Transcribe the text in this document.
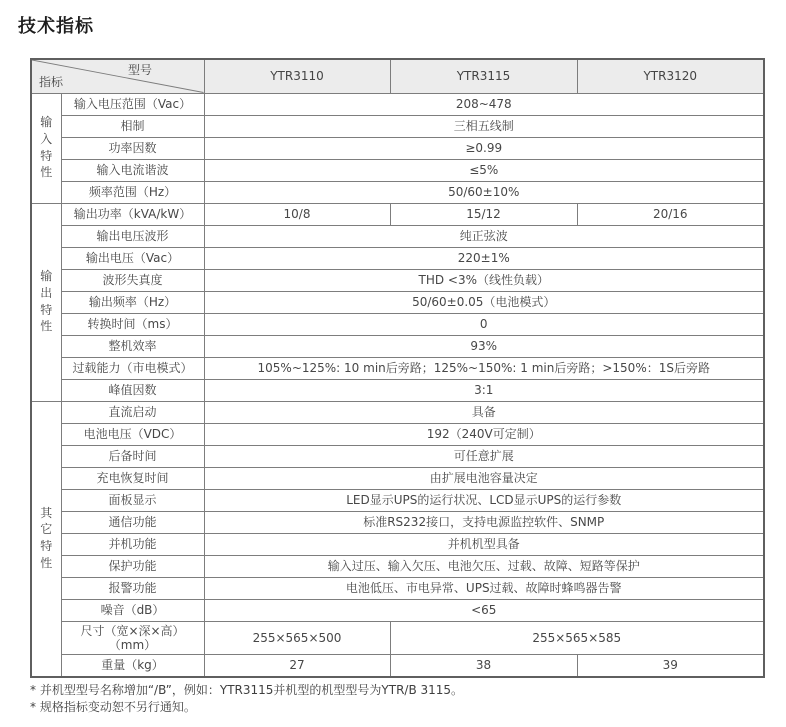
技术指标
型号
指标		YTR3110	YTR3115	YTR3120

输
入
特
性	输入电压范围（Vac）	208~478		
	相制	三相五线制		
	功率因数	≥0.99		
	输入电流谐波	≤5%		
	频率范围（Hz）	50/60±10%		

输
出
特
性	输出功率（kVA/kW）	10/8	15/12	20/16
	输出电压波形	纯正弦波		
	输出电压（Vac）	220±1%		
	波形失真度	THD <3%（线性负载）		
	输出频率（Hz）	50/60±0.05（电池模式）		
	转换时间（ms）	0		
	整机效率	93%		
	过载能力（市电模式）	105%~125%: 10 min后旁路；125%~150%: 1 min后旁路；>150%：1S后旁路		
	峰值因数	3:1		

其
它
特
性	直流启动	具备		
	电池电压（VDC）	192（240V可定制）		
	后备时间	可任意扩展		
	充电恢复时间	由扩展电池容量决定		
	面板显示	LED显示UPS的运行状况、LCD显示UPS的运行参数		
	通信功能	标准RS232接口，支持电源监控软件、SNMP		
	并机功能	并机机型具备		
	保护功能	输入过压、输入欠压、电池欠压、过载、故障、短路等保护		
	报警功能	电池低压、市电异常、UPS过载、故障时蜂鸣器告警		
	噪音（dB）	<65		
	尺寸（宽×深×高）（mm）	255×565×500	255×565×585	
	重量（kg）	27	38	39
* 并机型型号名称增加“/B”，例如：YTR3115并机型的机型型号为YTR/B 3115。
* 规格指标变动恕不另行通知。
